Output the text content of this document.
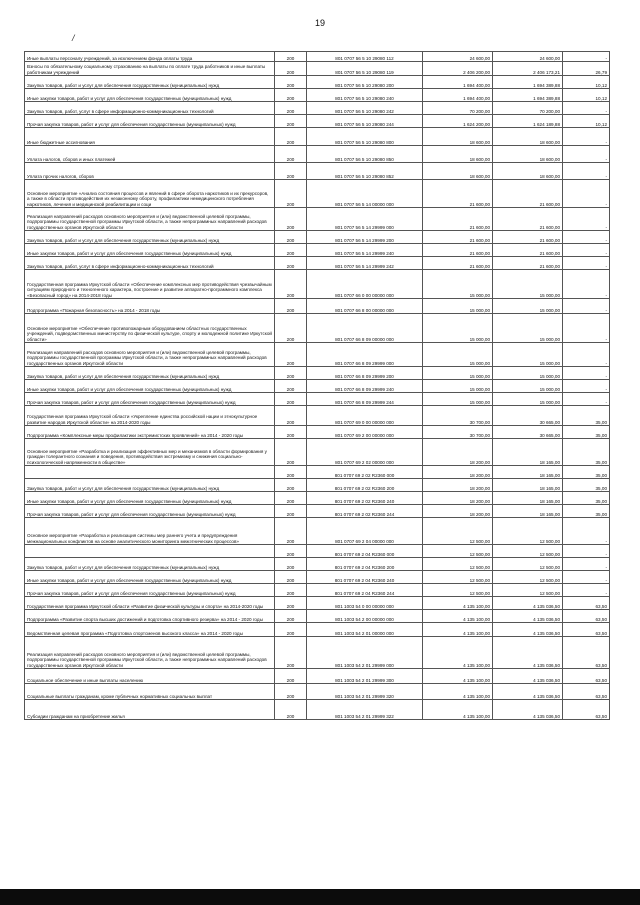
19
/
Иные выплаты персоналу учреждений, за исключением фонда оплаты труда	200	801 0707 56 5 10 29080 112	24 600,00	24 600,00	-
Взносы по обязательному социальному страхованию на выплаты по оплате труда работников и иные выплаты работникам учреждений	200	801 0707 56 5 10 29080 119	2 406 200,00	2 406 173,21	26,79
Закупка товаров, работ и услуг для обеспечения государственных (муниципальных) нужд	200	801 0707 56 5 10 29080 200	1 694 400,00	1 694 389,88	10,12
Иные закупки товаров, работ и услуг для обеспечения государственных (муниципальных) нужд	200	801 0707 56 5 10 29080 240	1 694 400,00	1 694 389,88	10,12
Закупка товаров, работ, услуг в сфере информационно-коммуникационных технологий	200	801 0707 56 5 10 29080 242	70 200,00	70 200,00	-
Прочая закупка товаров, работ и услуг для обеспечения государственных (муниципальных) нужд	200	801 0707 56 5 10 29080 244	1 624 200,00	1 624 189,88	10,12
Иные бюджетные ассигнования	200	801 0707 56 5 10 29080 800	18 600,00	18 600,00	-
Уплата налогов, сборов и иных платежей	200	801 0707 56 5 10 29080 850	18 600,00	18 600,00	-
Уплата прочих налогов, сборов	200	801 0707 56 5 10 29080 852	18 600,00	18 600,00	-
Основное мероприятие «Анализ состояния процессов и явлений в сфере оборота наркотиков и их прекурсоров, а также в области противодействия их незаконному обороту, профилактики немедицинского потребления наркотиков, лечения и медицинской реабилитации и соци	200	801 0707 56 5 14 00000 000	21 600,00	21 600,00	-
Реализация направлений расходов основного мероприятия и (или) ведомственной целевой программы, подпрограммы государственной программы Иркутской области, а также непрограммных направлений расходов государственных органов Иркутской области	200	801 0707 56 5 14 29999 000	21 600,00	21 600,00	-
Закупка товаров, работ и услуг для обеспечения государственных (муниципальных) нужд	200	801 0707 56 5 14 29999 200	21 600,00	21 600,00	-
Иные закупки товаров, работ и услуг для обеспечения государственных (муниципальных) нужд	200	801 0707 56 5 14 29999 240	21 600,00	21 600,00	-
Закупка товаров, работ, услуг в сфере информационно-коммуникационных технологий	200	801 0707 56 5 14 29999 242	21 600,00	21 600,00	-
Государственная программа Иркутской области «Обеспечение комплексных мер противодействия чрезвычайным ситуациям природного и техногенного характера, построение и развитие аппаратно-программного комплекса «Безопасный город» на 2014-2018 годы	200	801 0707 66 0 00 00000 000	15 000,00	15 000,00	-
Подпрограмма «Пожарная безопасность» на 2014 - 2018 годы	200	801 0707 66 8 00 00000 000	15 000,00	15 000,00	-
Основное мероприятие «Обеспечение противопожарным оборудованием областных государственных учреждений, подведомственных министерству по физической культуре, спорту и молодежной политике Иркутской области»	200	801 0707 66 8 09 00000 000	15 000,00	15 000,00	-
Реализация направлений расходов основного мероприятия и (или) ведомственной целевой программы, подпрограммы государственной программы Иркутской области, а также непрограммных направлений расходов государственных органов Иркутской области	200	801 0707 66 8 09 29999 000	15 000,00	15 000,00	-
Закупка товаров, работ и услуг для обеспечения государственных (муниципальных) нужд	200	801 0707 66 8 09 29999 200	15 000,00	15 000,00	-
Иные закупки товаров, работ и услуг для обеспечения государственных (муниципальных) нужд	200	801 0707 66 8 09 29999 240	15 000,00	15 000,00	-
Прочая закупка товаров, работ и услуг для обеспечения государственных (муниципальных) нужд	200	801 0707 66 8 09 29999 244	15 000,00	15 000,00	-
Государственная программа Иркутской области «Укрепление единства российской нации и этнокультурное развитие народов Иркутской области» на 2014-2020 годы	200	801 0707 69 0 00 00000 000	30 700,00	30 665,00	35,00
Подпрограмма «Комплексные меры профилактики экстремистских проявлений» на 2014 - 2020 годы	200	801 0707 69 2 00 00000 000	30 700,00	30 665,00	35,00
Основное мероприятие «Разработка и реализация эффективных мер и механизмов в области формирования у граждан толерантного сознания и поведения, противодействия экстремизму и снижения социально-психологической напряженности в обществе»	200	801 0707 69 2 02 00000 000	18 200,00	18 165,00	35,00
	200	801 0707 69 2 02 R2360 000	18 200,00	18 165,00	35,00
Закупка товаров, работ и услуг для обеспечения государственных (муниципальных) нужд	200	801 0707 69 2 02 R2360 200	18 200,00	18 165,00	35,00
Иные закупки товаров, работ и услуг для обеспечения государственных (муниципальных) нужд	200	801 0707 69 2 02 R2360 240	18 200,00	18 165,00	35,00
Прочая закупка товаров, работ и услуг для обеспечения государственных (муниципальных) нужд	200	801 0707 69 2 02 R2360 244	18 200,00	18 165,00	35,00
Основное мероприятие «Разработка и реализация системы мер раннего учета и предупреждения межнациональных конфликтов на основе аналитического мониторинга межэтнических процессов»	200	801 0707 69 2 04 00000 000	12 500,00	12 500,00	-
	200	801 0707 69 2 04 R2360 000	12 500,00	12 500,00	-
Закупка товаров, работ и услуг для обеспечения государственных (муниципальных) нужд	200	801 0707 69 2 04 R2360 200	12 500,00	12 500,00	-
Иные закупки товаров, работ и услуг для обеспечения государственных (муниципальных) нужд	200	801 0707 69 2 04 R2360 240	12 500,00	12 500,00	-
Прочая закупка товаров, работ и услуг для обеспечения государственных (муниципальных) нужд	200	801 0707 69 2 04 R2360 244	12 500,00	12 500,00	-
Государственная программа Иркутской области «Развитие физической культуры и спорта» на 2014-2020 годы	200	801 1003 54 0 00 00000 000	4 135 100,00	4 135 036,50	63,50
Подпрограмма «Развитие спорта высших достижений и подготовка спортивного резерва» на 2014 - 2020 годы	200	801 1003 54 2 00 00000 000	4 135 100,00	4 135 036,50	63,50
Ведомственная целевая программа «Подготовка спортсменов высокого класса» на 2014 - 2020 годы	200	801 1003 54 2 01 00000 000	4 135 100,00	4 135 036,50	63,50
Реализация направлений расходов основного мероприятия и (или) ведомственной целевой программы, подпрограммы государственной программы Иркутской области, а также непрограммных направлений расходов государственных органов Иркутской области	200	801 1003 54 2 01 29999 000	4 135 100,00	4 135 036,50	63,50
Социальное обеспечение и иные выплаты населению	200	801 1003 54 2 01 29999 300	4 135 100,00	4 135 036,50	63,50
Социальные выплаты гражданам, кроме публичных нормативных социальных выплат	200	801 1003 54 2 01 29999 320	4 135 100,00	4 135 036,50	63,50
Субсидии гражданам на приобретение жилья	200	801 1003 54 2 01 29999 322	4 135 100,00	4 135 036,50	63,50
